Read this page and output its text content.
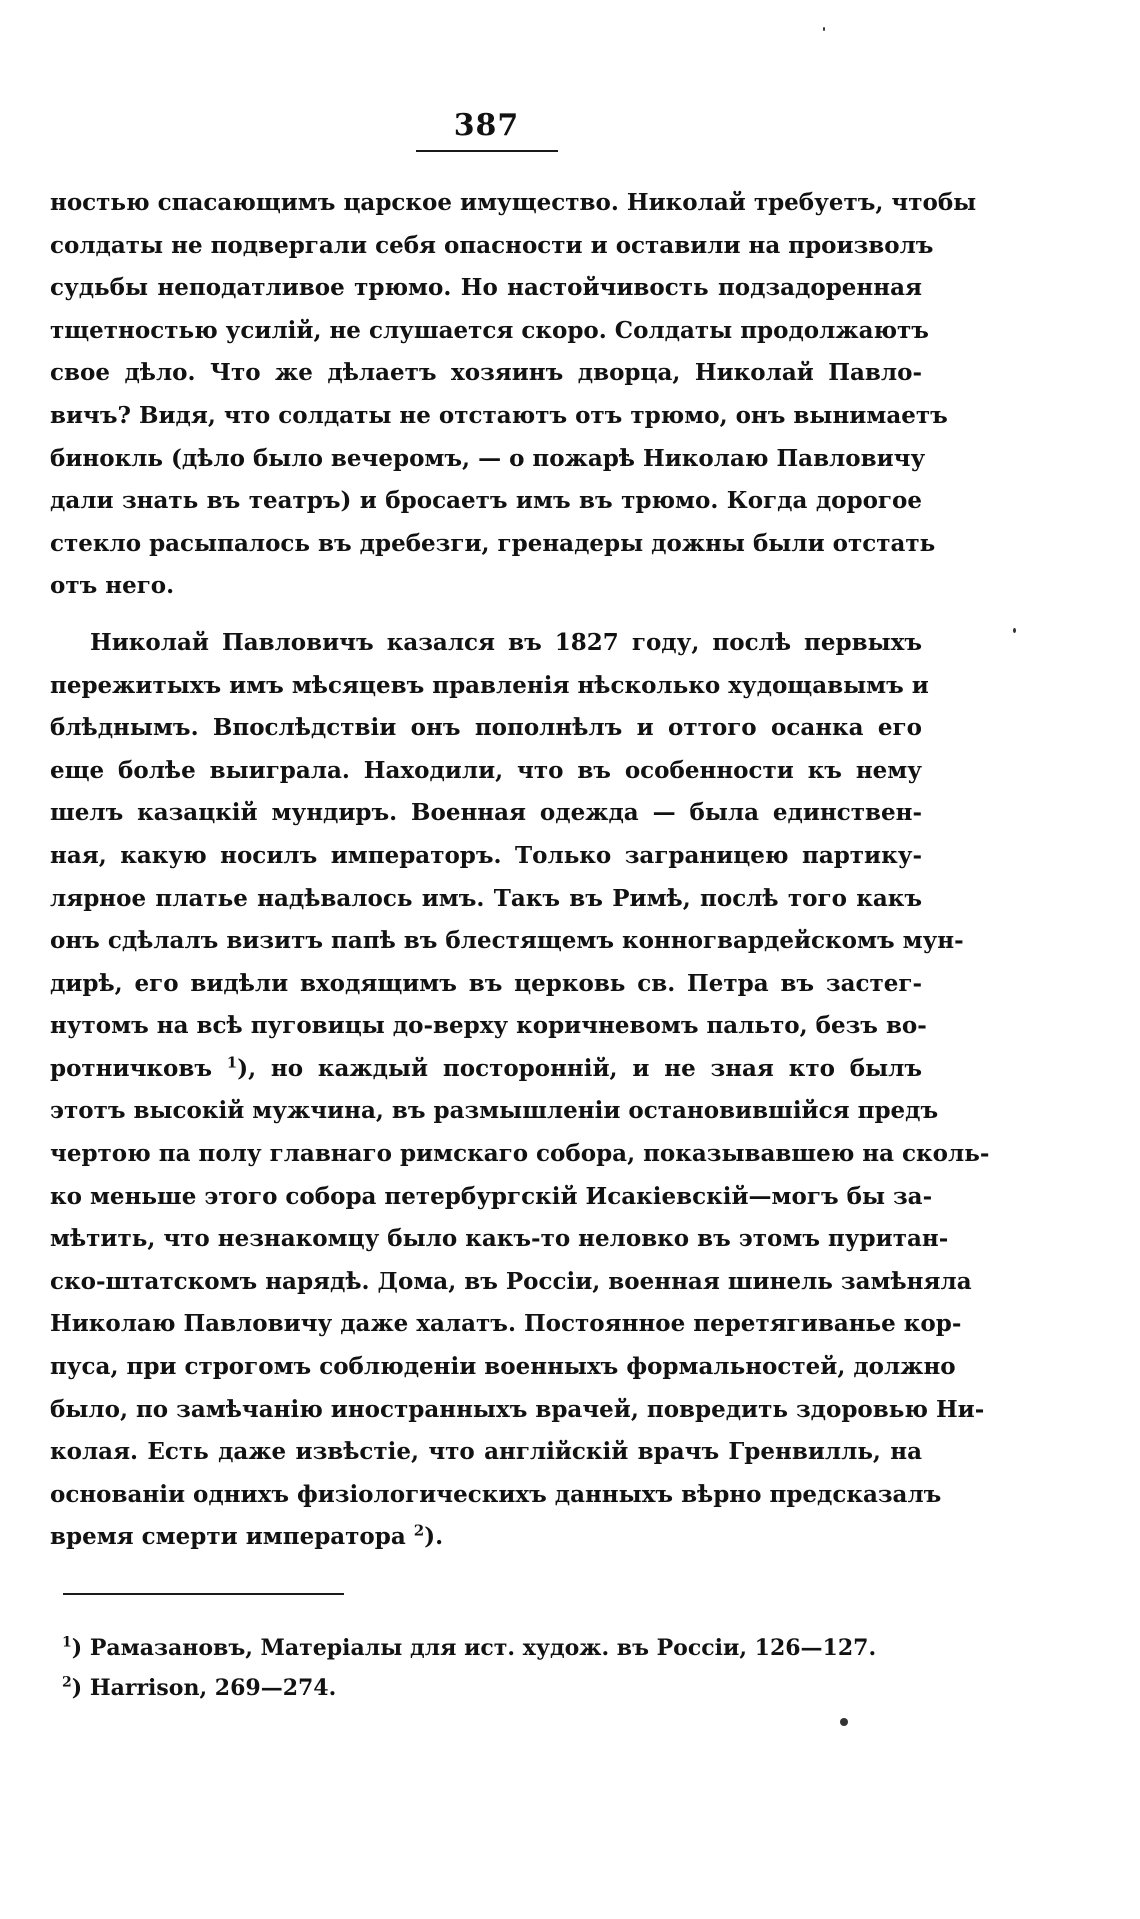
387
ностью спасающимъ царское имущество. Николай требуетъ, чтобы
солдаты не подвергали себя опасности и оставили на произволъ
судьбы неподатливое трюмо. Но настойчивость подзадоренная
тщетностью усилій, не слушается скоро. Солдаты продолжаютъ
свое дѣло. Что же дѣлаетъ хозяинъ дворца, Николай Павло-
вичъ? Видя, что солдаты не отстаютъ отъ трюмо, онъ вынимаетъ
бинокль (дѣло было вечеромъ, — о пожарѣ Николаю Павловичу
дали знать въ театръ) и бросаетъ имъ въ трюмо. Когда дорогое
стекло расыпалось въ дребезги, гренадеры дожны были отстать
отъ него.
Николай Павловичъ казался въ 1827 году, послѣ первыхъ
пережитыхъ имъ мѣсяцевъ правленія нѣсколько худощавымъ и
блѣднымъ. Впослѣдствіи онъ пополнѣлъ и оттого осанка его
еще болѣе выиграла. Находили, что въ особенности къ нему
шелъ казацкій мундиръ. Военная одежда — была единствен-
ная, какую носилъ императоръ. Только заграницею партику-
лярное платье надѣвалось имъ. Такъ въ Римѣ, послѣ того какъ
онъ сдѣлалъ визитъ папѣ въ блестящемъ конногвардейскомъ мун-
дирѣ, его видѣли входящимъ въ церковь св. Петра въ застег-
нутомъ на всѣ пуговицы до-верху коричневомъ пальто, безъ во-
ротничковъ $^1$), но каждый посторонній, и не зная кто былъ
этотъ высокій мужчина, въ размышленіи остановившійся предъ
чертою па полу главнаго римскаго собора, показывавшею на сколь-
ко меньше этого собора петербургскій Исакіевскій—могъ бы за-
мѣтить, что незнакомцу было какъ-то неловко въ этомъ пуритан-
ско-штатскомъ нарядѣ. Дома, въ Россіи, военная шинель замѣняла
Николаю Павловичу даже халатъ. Постоянное перетягиванье кор-
пуса, при строгомъ соблюденіи военныхъ формальностей, должно
было, по замѣчанію иностранныхъ врачей, повредить здоровью Ни-
колая. Есть даже извѣстіе, что англійскій врачъ Гренвилль, на
основаніи однихъ физіологическихъ данныхъ вѣрно предсказалъ
время смерти императора $^2$).
$^1$) Рамазановъ, Матеріалы для ист. худож. въ Россіи, 126—127.
$^2$) Harrison, 269—274.
